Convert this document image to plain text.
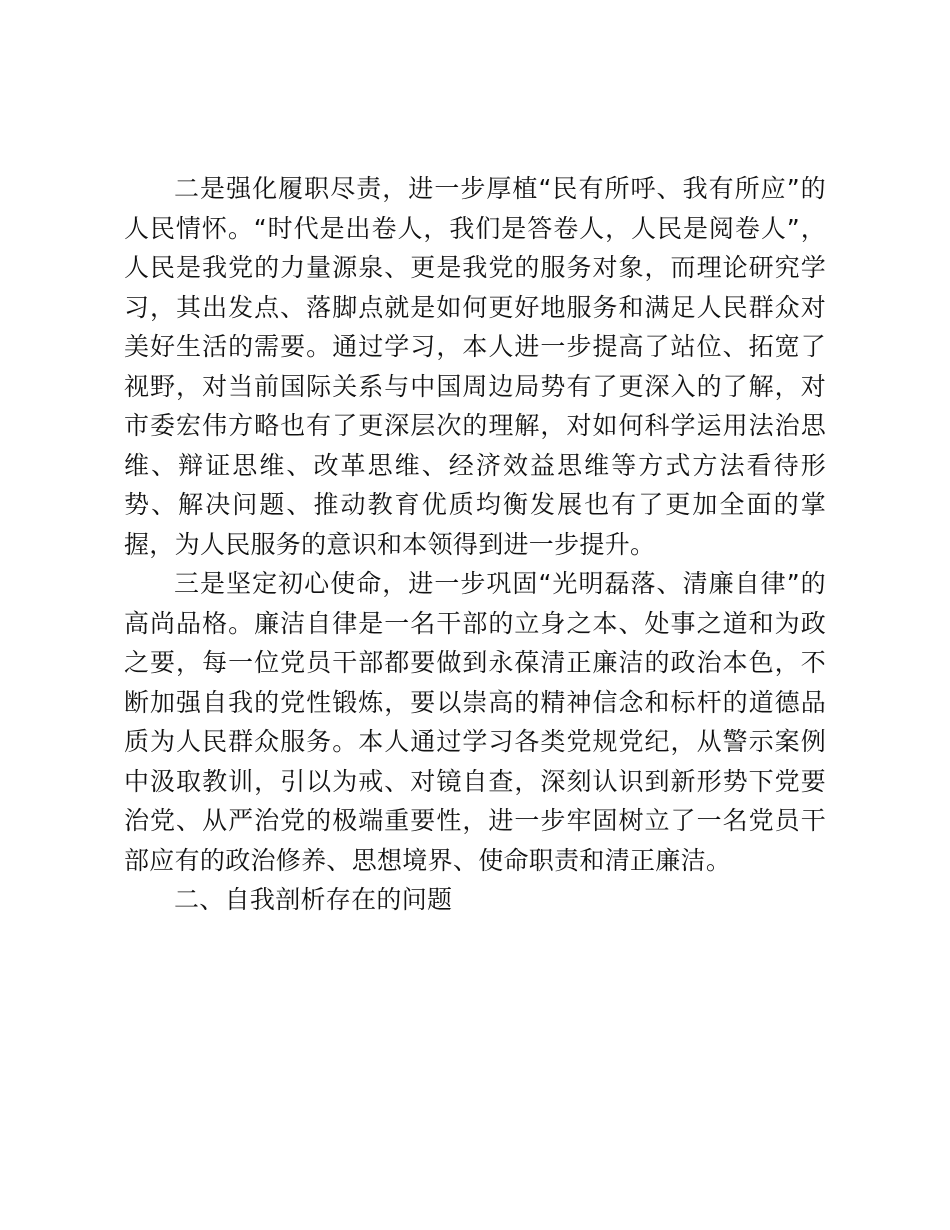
二是强化履职尽责，进一步厚植“民有所呼、我有所应”的人民情怀。“时代是出卷人，我们是答卷人，人民是阅卷人”，人民是我党的力量源泉、更是我党的服务对象，而理论研究学习，其出发点、落脚点就是如何更好地服务和满足人民群众对美好生活的需要。通过学习，本人进一步提高了站位、拓宽了视野，对当前国际关系与中国周边局势有了更深入的了解，对市委宏伟方略也有了更深层次的理解，对如何科学运用法治思维、辩证思维、改革思维、经济效益思维等方式方法看待形势、解决问题、推动教育优质均衡发展也有了更加全面的掌握，为人民服务的意识和本领得到进一步提升。

三是坚定初心使命，进一步巩固“光明磊落、清廉自律”的高尚品格。廉洁自律是一名干部的立身之本、处事之道和为政之要，每一位党员干部都要做到永葆清正廉洁的政治本色，不断加强自我的党性锻炼，要以崇高的精神信念和标杆的道德品质为人民群众服务。本人通过学习各类党规党纪，从警示案例中汲取教训，引以为戒、对镜自查，深刻认识到新形势下党要治党、从严治党的极端重要性，进一步牢固树立了一名党员干部应有的政治修养、思想境界、使命职责和清正廉洁。

二、自我剖析存在的问题
